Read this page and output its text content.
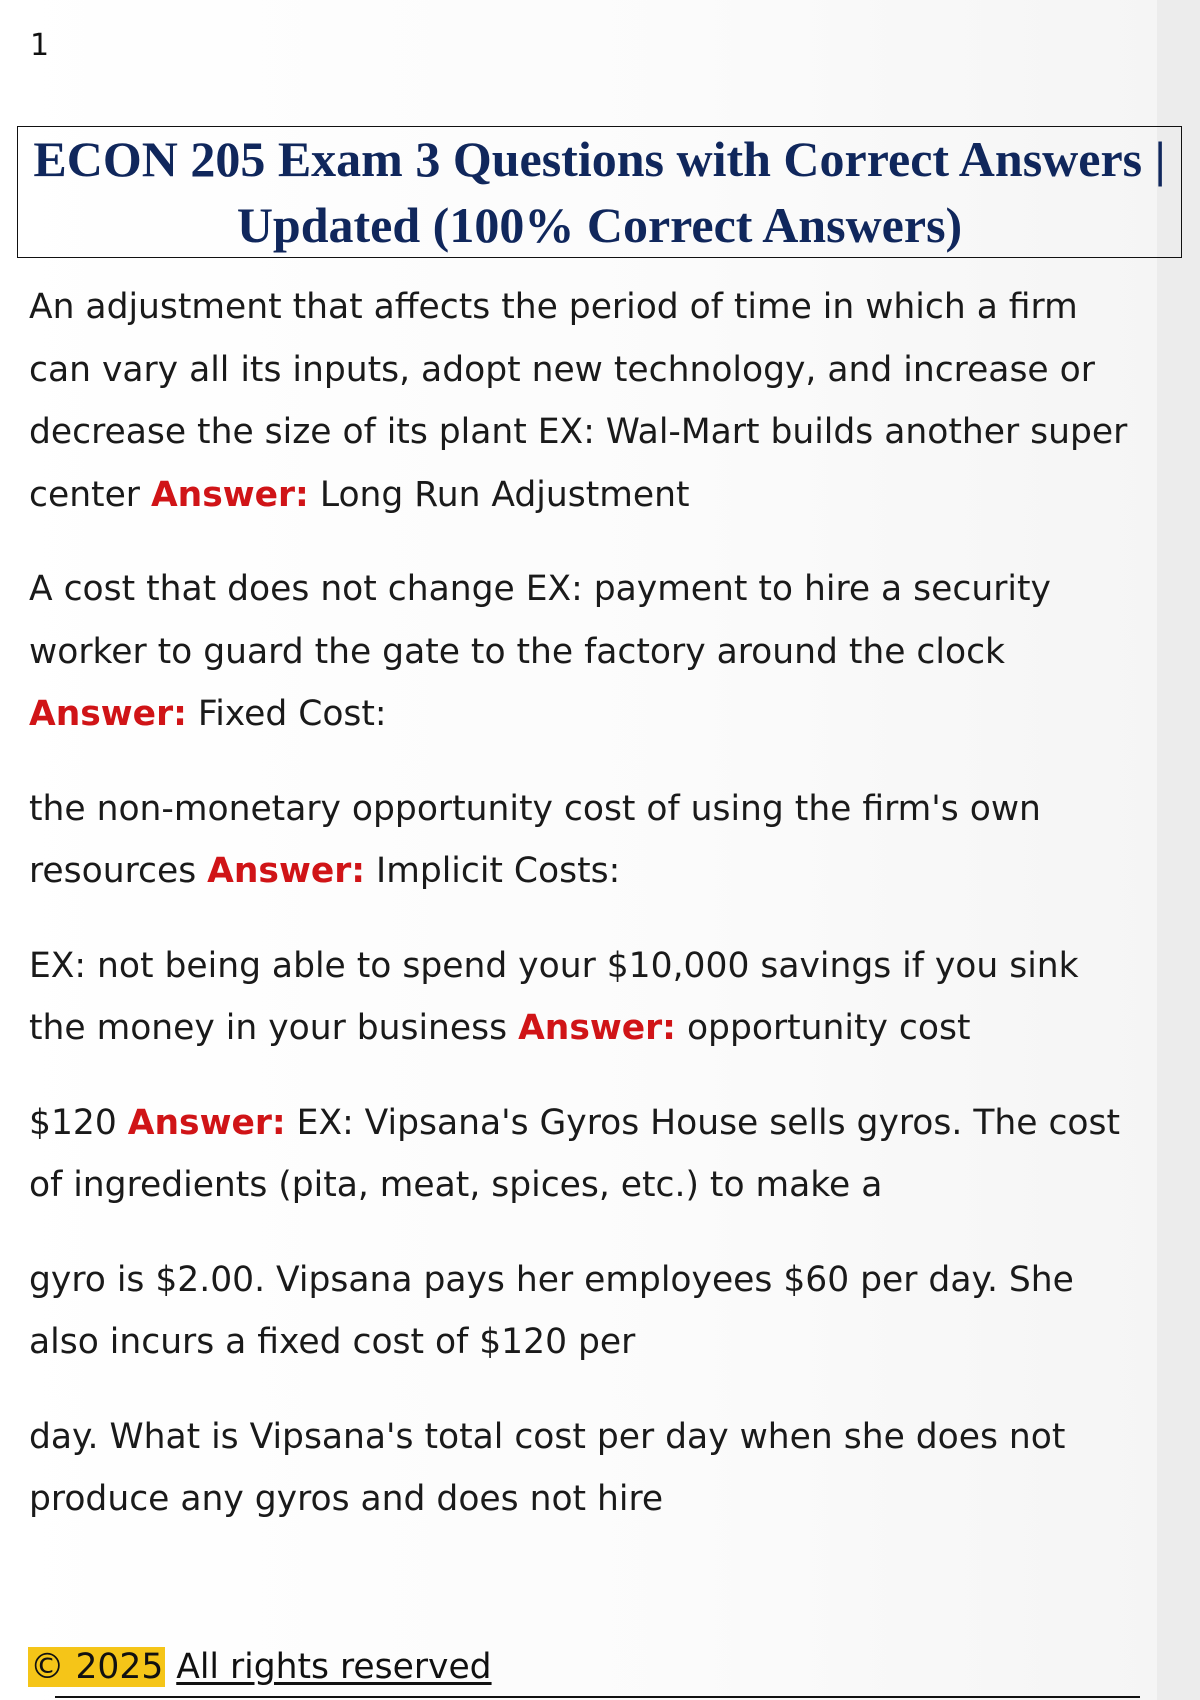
1
ECON 205 Exam 3 Questions with Correct Answers | Updated (100% Correct Answers)

An adjustment that affects the period of time in which a firm can vary all its inputs, adopt new technology, and increase or decrease the size of its plant EX: Wal-Mart builds another super center Answer: Long Run Adjustment

A cost that does not change EX: payment to hire a security worker to guard the gate to the factory around the clock Answer: Fixed Cost:

the non-monetary opportunity cost of using the firm's own resources Answer: Implicit Costs:

EX: not being able to spend your $10,000 savings if you sink the money in your business Answer: opportunity cost

$120 Answer: EX: Vipsana's Gyros House sells gyros. The cost of ingredients (pita, meat, spices, etc.) to make a

gyro is $2.00. Vipsana pays her employees $60 per day. She also incurs a fixed cost of $120 per

day. What is Vipsana's total cost per day when she does not produce any gyros and does not hire

© 2025 All rights reserved
